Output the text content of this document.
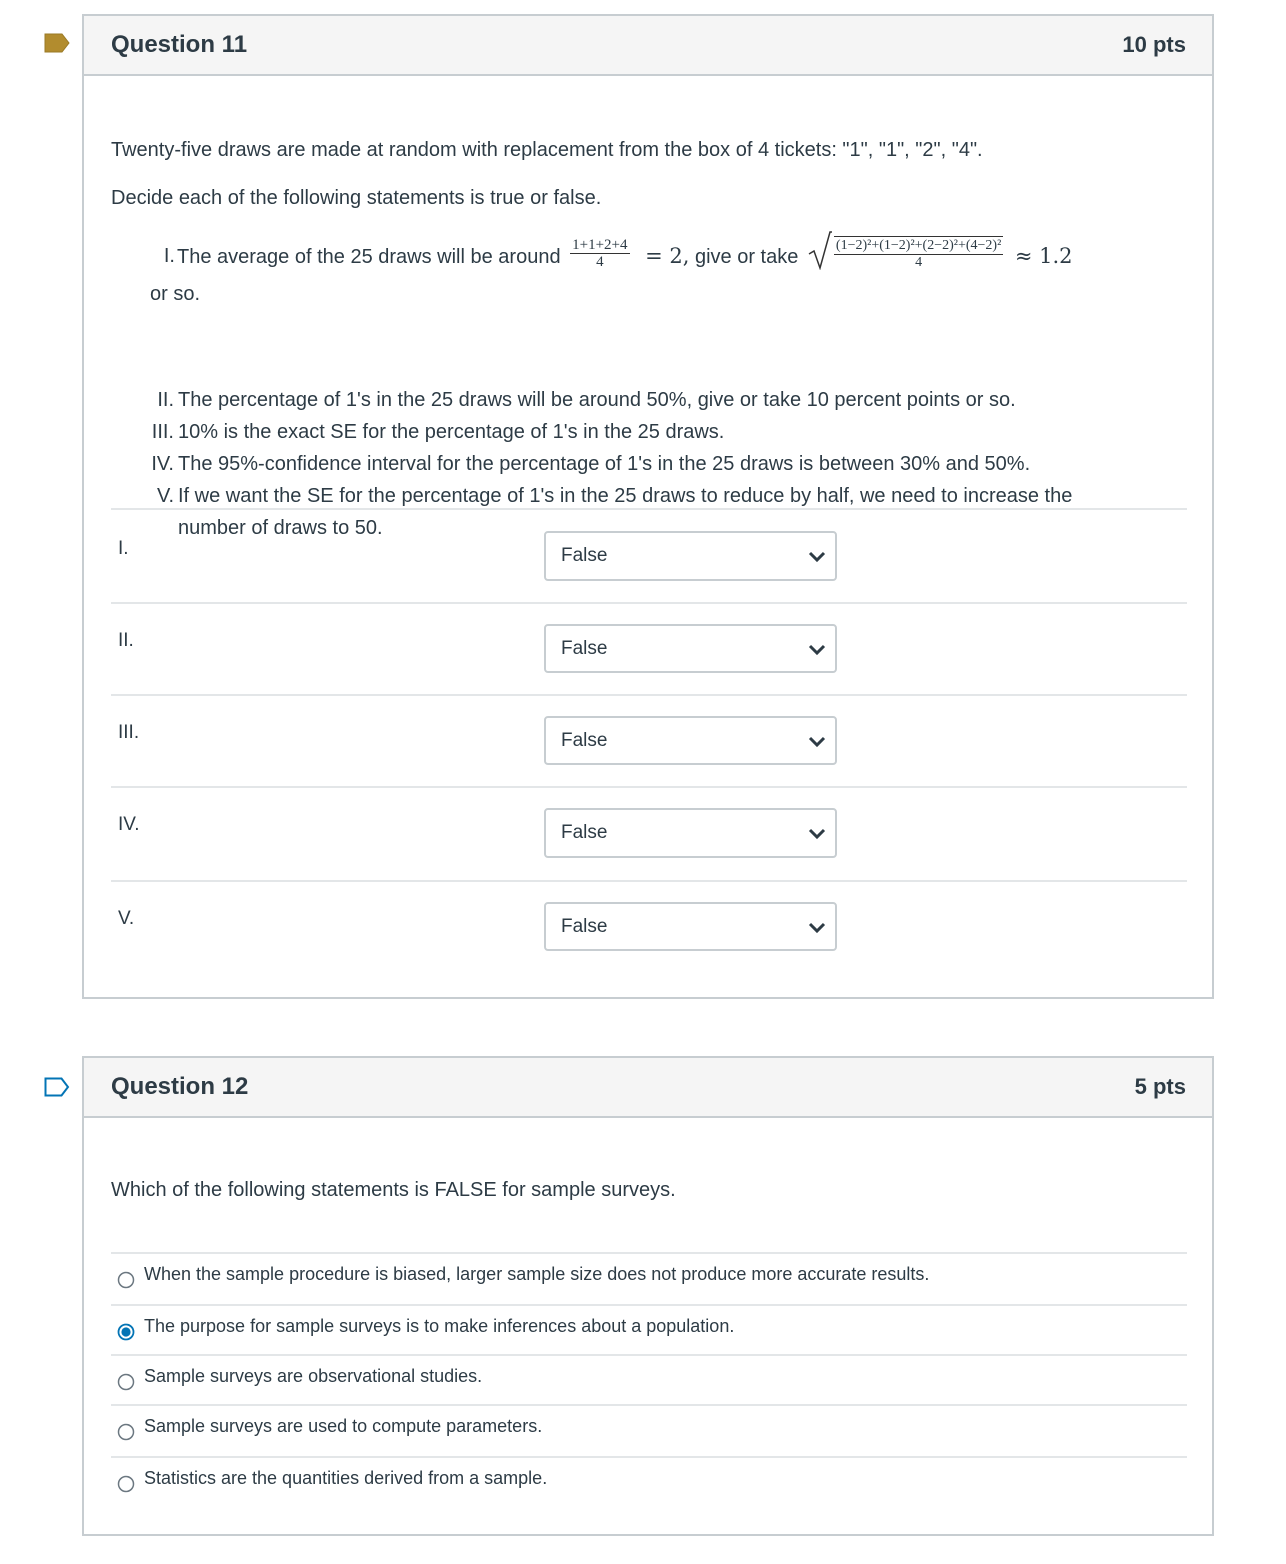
Question 11	10 pts
Twenty-five draws are made at random with replacement from the box of 4 tickets: "1", "1", "2", "4".
Decide each of the following statements is true or false.
I. The average of the 25 draws will be around $\frac{1+1+2+4}{4} = 2$, give or take	$\frac{\text{(1−2)²+(1−2)²+(2−2)²+(4−2)²}}{4} \approx 1.2$
or so.
II. The percentage of 1's in the 25 draws will be around 50%, give or take 10 percent points or so.
III. 10% is the exact SE for the percentage of 1's in the 25 draws.
IV. The 95%-confidence interval for the percentage of 1's in the 25 draws is between 30% and 50%.
V. If we want the SE for the percentage of 1's in the 25 draws to reduce by half, we need to increase the
number of draws to 50.
I.	False
II.	False
III.	False
IV.	False
V.	False
Question 12	5 pts
Which of the following statements is FALSE for sample surveys.
When the sample procedure is biased, larger sample size does not produce more accurate results.
The purpose for sample surveys is to make inferences about a population.
Sample surveys are observational studies.
Sample surveys are used to compute parameters.
Statistics are the quantities derived from a sample.
